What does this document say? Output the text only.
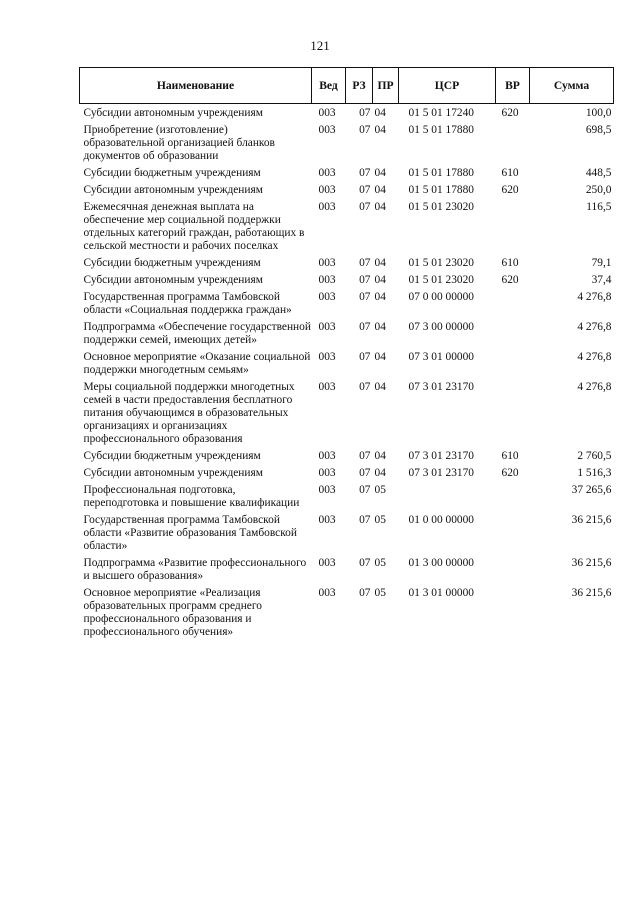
121
Наименование	Вед	РЗ	ПР	ЦСР	ВР	Сумма
Субсидии автономным учреждениям	003	07	04	01 5 01 17240	620	100,0
Приобретение (изготовление) образовательной организацией бланков документов об образовании	003	07	04	01 5 01 17880		698,5
Субсидии бюджетным учреждениям	003	07	04	01 5 01 17880	610	448,5
Субсидии автономным учреждениям	003	07	04	01 5 01 17880	620	250,0
Ежемесячная денежная выплата на обеспечение мер социальной поддержки отдельных категорий граждан, работающих в сельской местности и рабочих поселках	003	07	04	01 5 01 23020		116,5
Субсидии бюджетным учреждениям	003	07	04	01 5 01 23020	610	79,1
Субсидии автономным учреждениям	003	07	04	01 5 01 23020	620	37,4
Государственная программа Тамбовской области «Социальная поддержка граждан»	003	07	04	07 0 00 00000		4 276,8
Подпрограмма «Обеспечение государственной поддержки семей, имеющих детей»	003	07	04	07 3 00 00000		4 276,8
Основное мероприятие «Оказание социальной поддержки многодетным семьям»	003	07	04	07 3 01 00000		4 276,8
Меры социальной поддержки многодетных семей в части предоставления бесплатного питания обучающимся в образовательных организациях и организациях профессионального образования	003	07	04	07 3 01 23170		4 276,8
Субсидии бюджетным учреждениям	003	07	04	07 3 01 23170	610	2 760,5
Субсидии автономным учреждениям	003	07	04	07 3 01 23170	620	1 516,3
Профессиональная подготовка, переподготовка и повышение квалификации	003	07	05			37 265,6
Государственная программа Тамбовской области «Развитие образования Тамбовской области»	003	07	05	01 0 00 00000		36 215,6
Подпрограмма «Развитие профессионального и высшего образования»	003	07	05	01 3 00 00000		36 215,6
Основное мероприятие «Реализация образовательных программ среднего профессионального образования и профессионального обучения»	003	07	05	01 3 01 00000		36 215,6
